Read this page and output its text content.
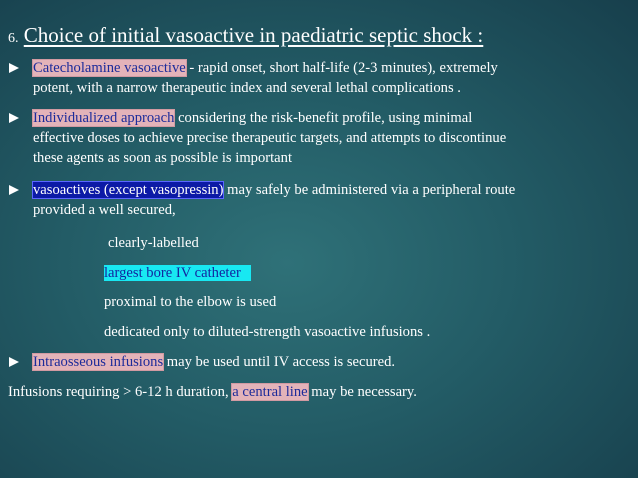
6. Choice of initial vasoactive in paediatric septic shock :
Catecholamine vasoactive - rapid onset, short half-life (2-3 minutes), extremely
potent, with a narrow therapeutic index and several lethal complications .
Individualized approach considering the risk-benefit profile, using minimal
effective doses to achieve precise therapeutic targets, and attempts to discontinue
these agents as soon as possible is important
vasoactives (except vasopressin) may safely be administered via a peripheral route
provided a well secured,
clearly-labelled
largest bore IV catheter
proximal to the elbow is used
dedicated only to diluted-strength vasoactive infusions .
Intraosseous infusions may be used until IV access is secured.
Infusions requiring > 6-12 h duration, a central line may be necessary.
